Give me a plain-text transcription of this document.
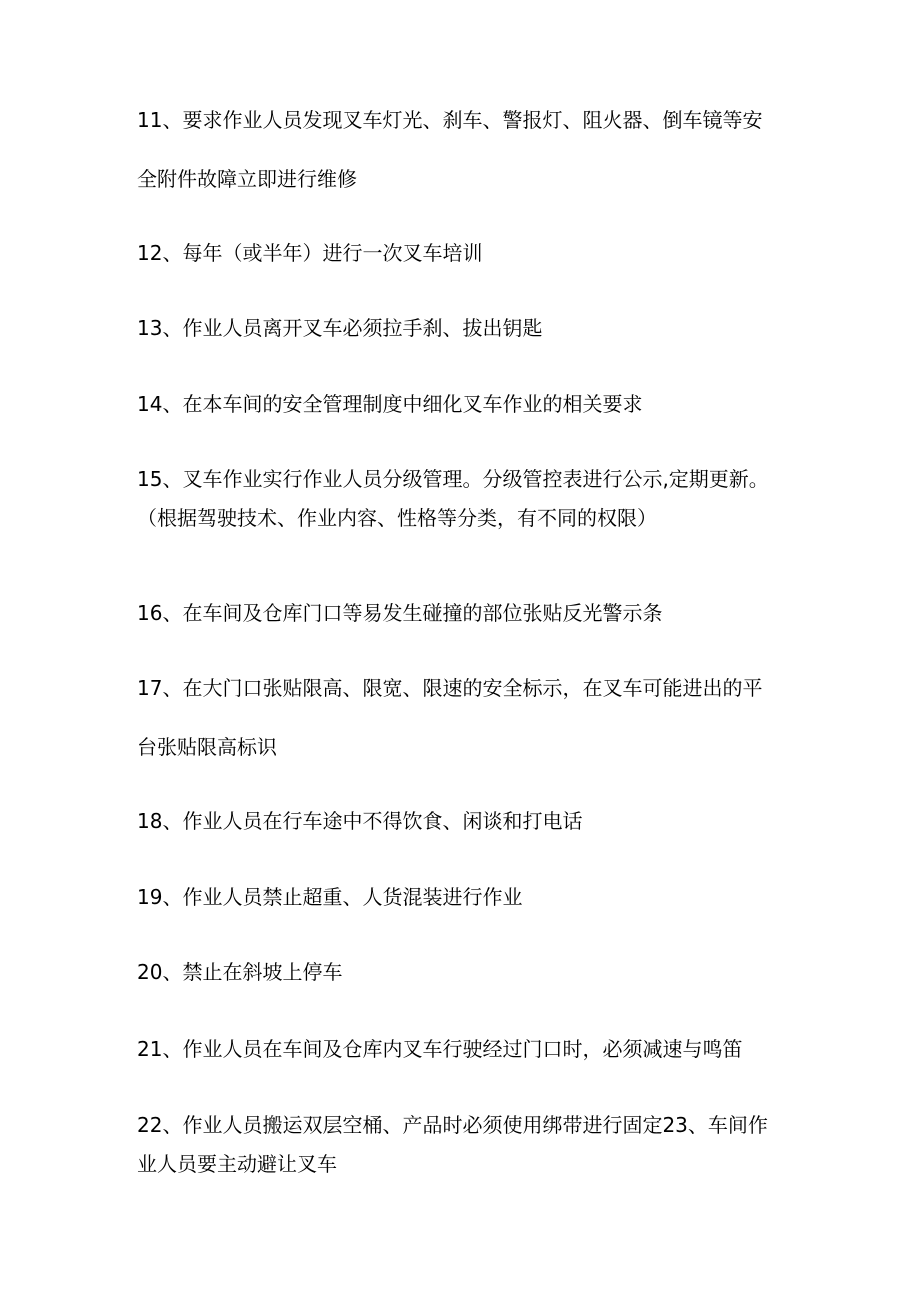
11、要求作业人员发现叉车灯光、刹车、警报灯、阻火器、倒车镜等安
全附件故障立即进行维修

12、每年（或半年）进行一次叉车培训

13、作业人员离开叉车必须拉手刹、拔出钥匙

14、在本车间的安全管理制度中细化叉车作业的相关要求

15、叉车作业实行作业人员分级管理。分级管控表进行公示,定期更新。
（根据驾驶技术、作业内容、性格等分类，有不同的权限）

16、在车间及仓库门口等易发生碰撞的部位张贴反光警示条

17、在大门口张贴限高、限宽、限速的安全标示，在叉车可能进出的平
台张贴限高标识

18、作业人员在行车途中不得饮食、闲谈和打电话

19、作业人员禁止超重、人货混装进行作业

20、禁止在斜坡上停车

21、作业人员在车间及仓库内叉车行驶经过门口时，必须减速与鸣笛

22、作业人员搬运双层空桶、产品时必须使用绑带进行固定23、车间作
业人员要主动避让叉车
